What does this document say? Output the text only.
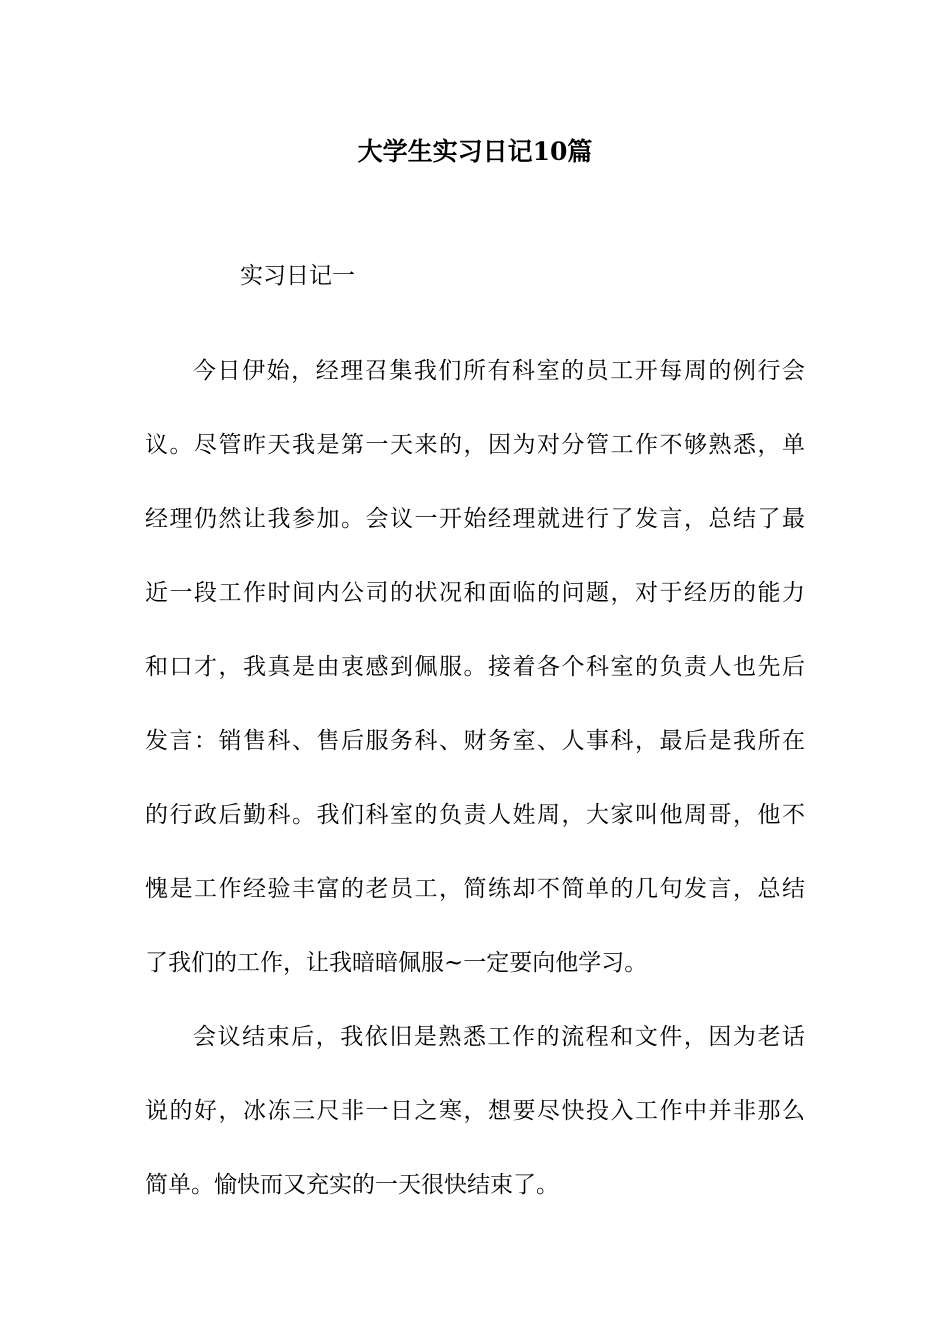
大学生实习日记10篇

实习日记一

今日伊始，经理召集我们所有科室的员工开每周的例行会
议。尽管昨天我是第一天来的，因为对分管工作不够熟悉，单
经理仍然让我参加。会议一开始经理就进行了发言，总结了最
近一段工作时间内公司的状况和面临的问题，对于经历的能力
和口才，我真是由衷感到佩服。接着各个科室的负责人也先后
发言：销售科、售后服务科、财务室、人事科，最后是我所在
的行政后勤科。我们科室的负责人姓周，大家叫他周哥，他不
愧是工作经验丰富的老员工，简练却不简单的几句发言，总结
了我们的工作，让我暗暗佩服~一定要向他学习。

会议结束后，我依旧是熟悉工作的流程和文件，因为老话
说的好，冰冻三尺非一日之寒，想要尽快投入工作中并非那么
简单。愉快而又充实的一天很快结束了。
